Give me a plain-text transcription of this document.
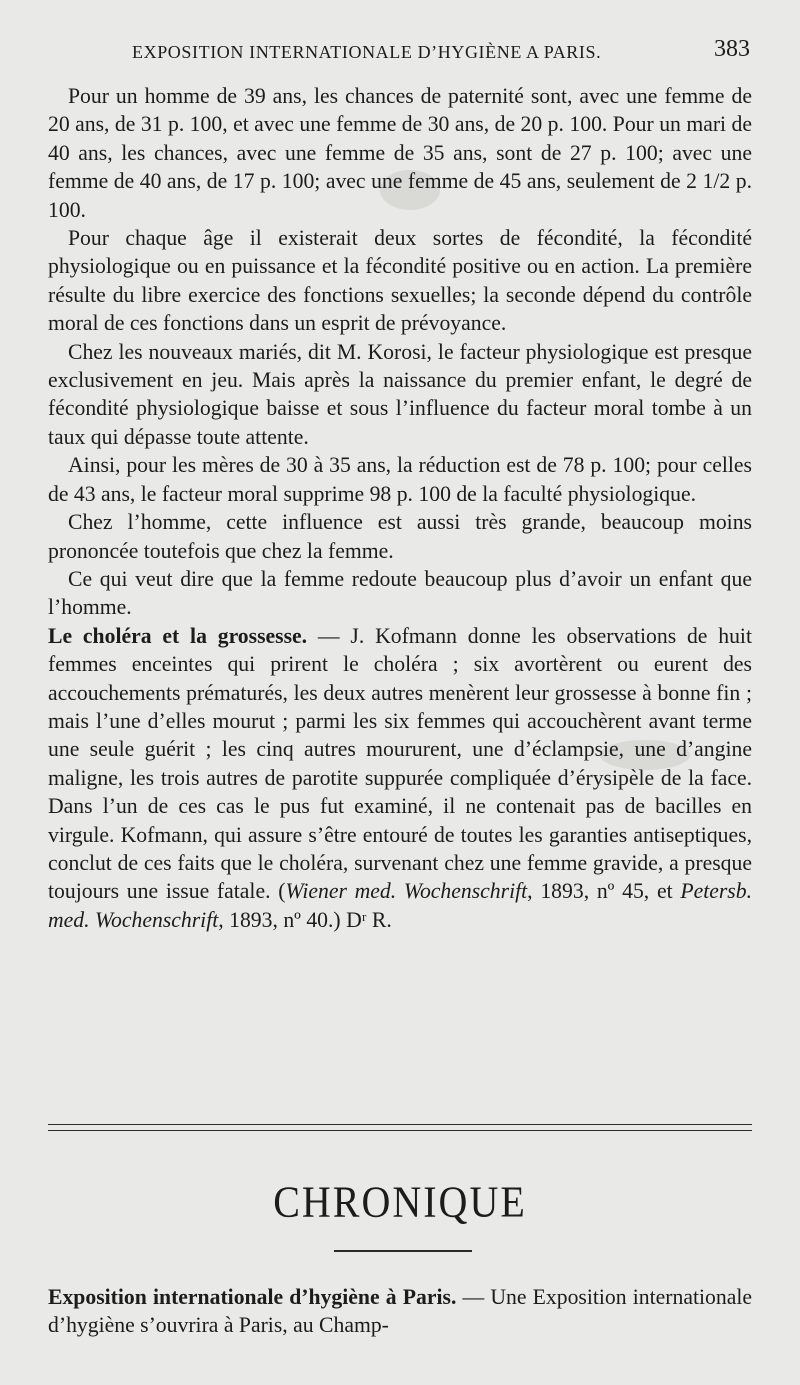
EXPOSITION INTERNATIONALE D’HYGIÈNE A PARIS.	383

Pour un homme de 39 ans, les chances de paternité sont, avec une femme de 20 ans, de 31 p. 100, et avec une femme de 30 ans, de 20 p. 100. Pour un mari de 40 ans, les chances, avec une femme de 35 ans, sont de 27 p. 100; avec une femme de 40 ans, de 17 p. 100; avec une femme de 45 ans, seulement de 2 1/2 p. 100.

Pour chaque âge il existerait deux sortes de fécondité, la fécondité physiologique ou en puissance et la fécondité positive ou en action. La première résulte du libre exercice des fonctions sexuelles; la seconde dépend du contrôle moral de ces fonctions dans un esprit de prévoyance.

Chez les nouveaux mariés, dit M. Korosi, le facteur physiologique est presque exclusivement en jeu. Mais après la naissance du premier enfant, le degré de fécondité physiologique baisse et sous l’influence du facteur moral tombe à un taux qui dépasse toute attente.

Ainsi, pour les mères de 30 à 35 ans, la réduction est de 78 p. 100; pour celles de 43 ans, le facteur moral supprime 98 p. 100 de la faculté physiologique.

Chez l’homme, cette influence est aussi très grande, beaucoup moins prononcée toutefois que chez la femme.

Ce qui veut dire que la femme redoute beaucoup plus d’avoir un enfant que l’homme.

Le choléra et la grossesse. — J. Kofmann donne les observations de huit femmes enceintes qui prirent le choléra ; six avortèrent ou eurent des accouchements prématurés, les deux autres menèrent leur grossesse à bonne fin ; mais l’une d’elles mourut ; parmi les six femmes qui accouchèrent avant terme une seule guérit ; les cinq autres moururent, une d’éclampsie, une d’angine maligne, les trois autres de parotite suppurée compliquée d’érysipèle de la face. Dans l’un de ces cas le pus fut examiné, il ne contenait pas de bacilles en virgule. Kofmann, qui assure s’être entouré de toutes les garanties antiseptiques, conclut de ces faits que le choléra, survenant chez une femme gravide, a presque toujours une issue fatale. (Wiener med. Wochenschrift, 1893, nº 45, et Petersb. med. Wochenschrift, 1893, nº 40.) Dʳ R.

CHRONIQUE

Exposition internationale d’hygiène à Paris. — Une Exposition internationale d’hygiène s’ouvrira à Paris, au Champ-
